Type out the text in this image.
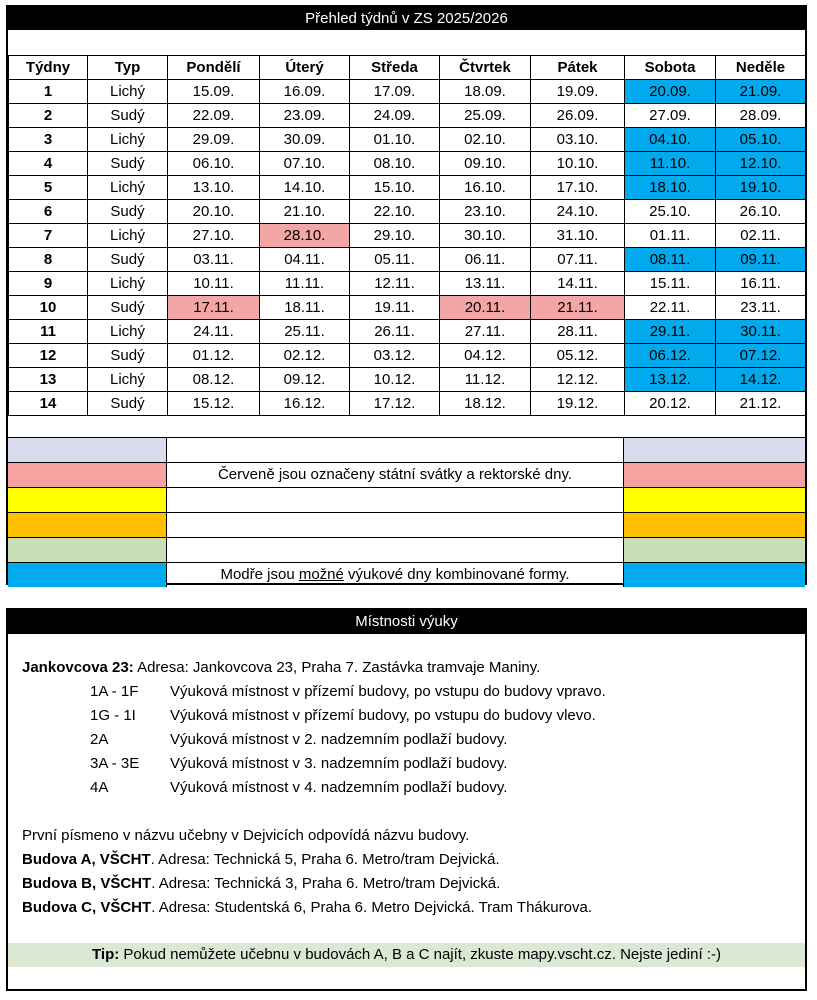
Přehled týdnů v ZS 2025/2026
Týdny	Typ	Pondělí	Úterý	Středa	Čtvrtek	Pátek	Sobota	Neděle
1	Lichý	15.09.	16.09.	17.09.	18.09.	19.09.	20.09.	21.09.
2	Sudý	22.09.	23.09.	24.09.	25.09.	26.09.	27.09.	28.09.
3	Lichý	29.09.	30.09.	01.10.	02.10.	03.10.	04.10.	05.10.
4	Sudý	06.10.	07.10.	08.10.	09.10.	10.10.	11.10.	12.10.
5	Lichý	13.10.	14.10.	15.10.	16.10.	17.10.	18.10.	19.10.
6	Sudý	20.10.	21.10.	22.10.	23.10.	24.10.	25.10.	26.10.
7	Lichý	27.10.	28.10.	29.10.	30.10.	31.10.	01.11.	02.11.
8	Sudý	03.11.	04.11.	05.11.	06.11.	07.11.	08.11.	09.11.
9	Lichý	10.11.	11.11.	12.11.	13.11.	14.11.	15.11.	16.11.
10	Sudý	17.11.	18.11.	19.11.	20.11.	21.11.	22.11.	23.11.
11	Lichý	24.11.	25.11.	26.11.	27.11.	28.11.	29.11.	30.11.
12	Sudý	01.12.	02.12.	03.12.	04.12.	05.12.	06.12.	07.12.
13	Lichý	08.12.	09.12.	10.12.	11.12.	12.12.	13.12.	14.12.
14	Sudý	15.12.	16.12.	17.12.	18.12.	19.12.	20.12.	21.12.
Červeně jsou označeny státní svátky a rektorské dny.
Modře jsou možné výukové dny kombinované formy.
Místnosti výuky
Jankovcova 23: Adresa: Jankovcova 23, Praha 7. Zastávka tramvaje Maniny.
1A - 1F	Výuková místnost v přízemí budovy, po vstupu do budovy vpravo.
1G - 1I	Výuková místnost v přízemí budovy, po vstupu do budovy vlevo.
2A	Výuková místnost v 2. nadzemním podlaží budovy.
3A - 3E	Výuková místnost v 3. nadzemním podlaží budovy.
4A	Výuková místnost v 4. nadzemním podlaží budovy.
První písmeno v názvu učebny v Dejvicích odpovídá názvu budovy.
Budova A, VŠCHT. Adresa: Technická 5, Praha 6. Metro/tram Dejvická.
Budova B, VŠCHT. Adresa: Technická 3, Praha 6. Metro/tram Dejvická.
Budova C, VŠCHT. Adresa: Studentská 6, Praha 6. Metro Dejvická. Tram Thákurova.
Tip: Pokud nemůžete učebnu v budovách A, B a C najít, zkuste mapy.vscht.cz. Nejste jediní :-)
